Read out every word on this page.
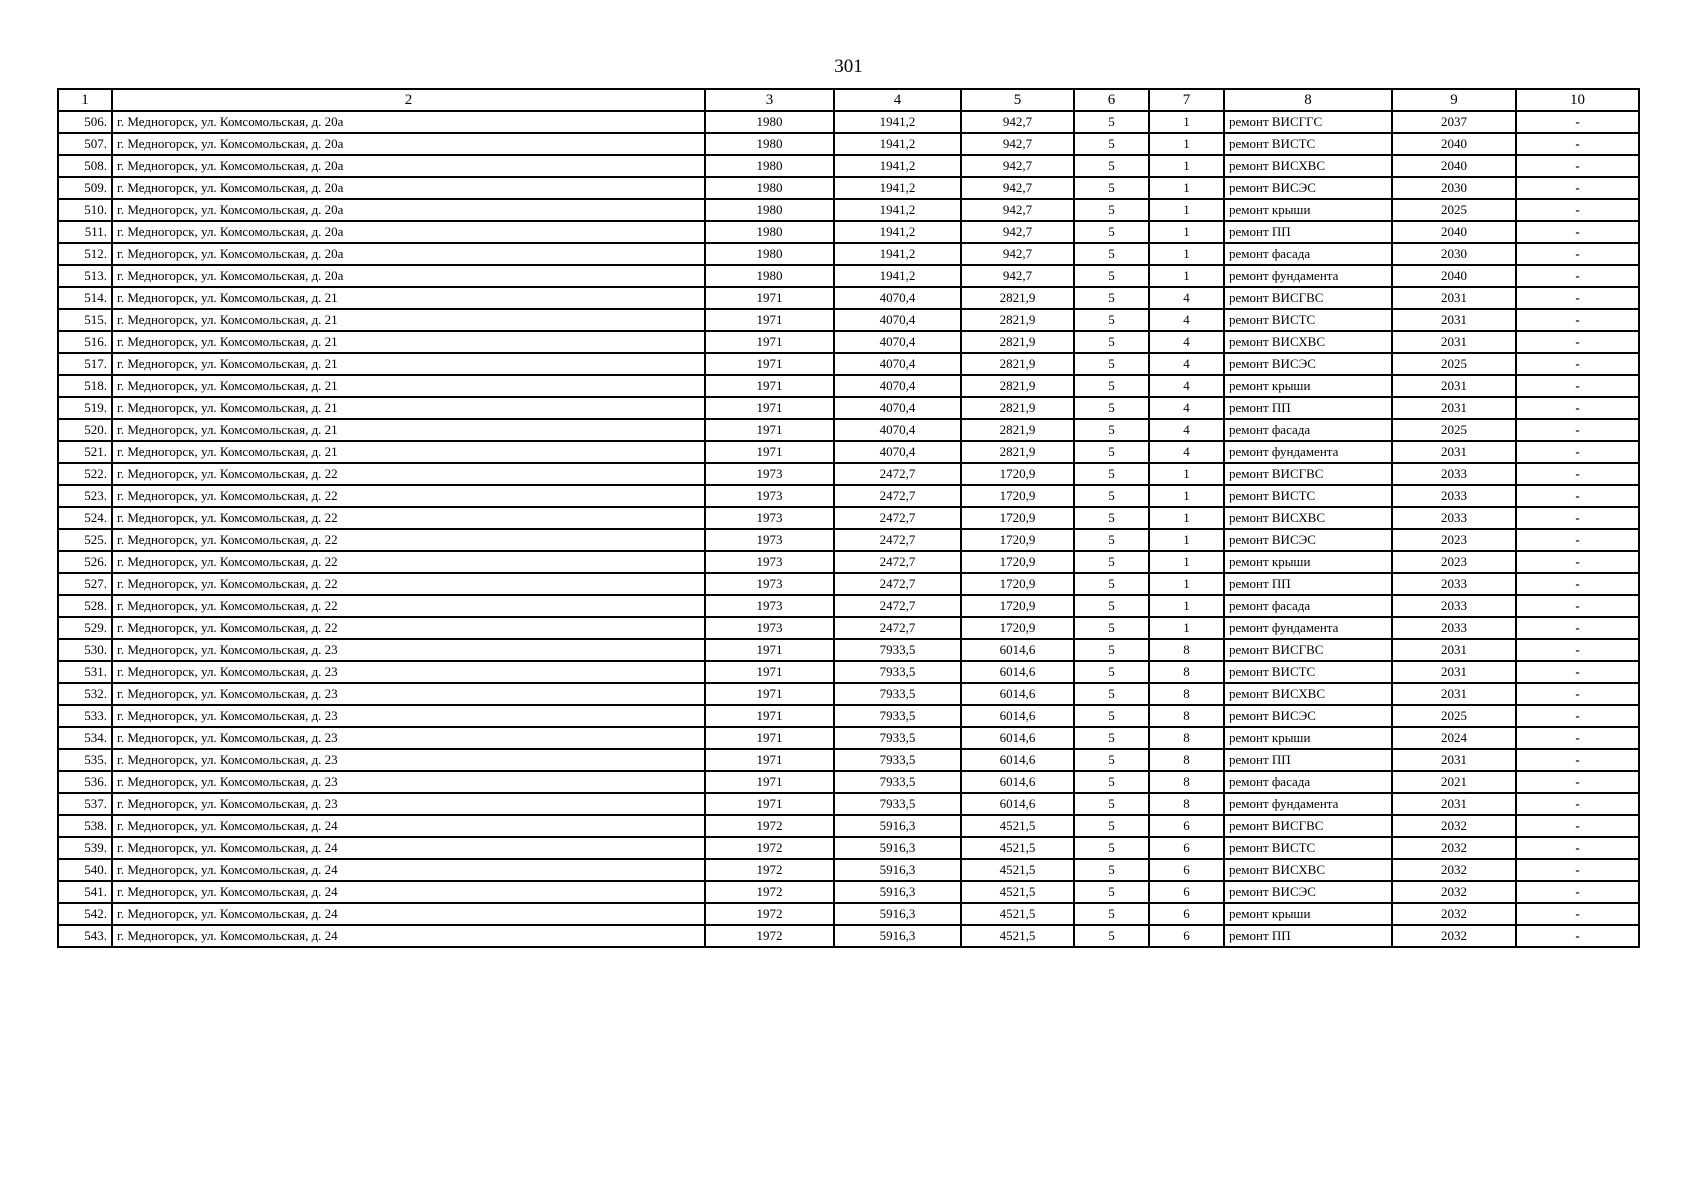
301
1	2	3	4	5	6	7	8	9	10
506.	г. Медногорск, ул. Комсомольская, д. 20а	1980	1941,2	942,7	5	1	ремонт ВИСГГС	2037	-
507.	г. Медногорск, ул. Комсомольская, д. 20а	1980	1941,2	942,7	5	1	ремонт ВИСТС	2040	-
508.	г. Медногорск, ул. Комсомольская, д. 20а	1980	1941,2	942,7	5	1	ремонт ВИСХВС	2040	-
509.	г. Медногорск, ул. Комсомольская, д. 20а	1980	1941,2	942,7	5	1	ремонт ВИСЭС	2030	-
510.	г. Медногорск, ул. Комсомольская, д. 20а	1980	1941,2	942,7	5	1	ремонт крыши	2025	-
511.	г. Медногорск, ул. Комсомольская, д. 20а	1980	1941,2	942,7	5	1	ремонт ПП	2040	-
512.	г. Медногорск, ул. Комсомольская, д. 20а	1980	1941,2	942,7	5	1	ремонт фасада	2030	-
513.	г. Медногорск, ул. Комсомольская, д. 20а	1980	1941,2	942,7	5	1	ремонт фундамента	2040	-
514.	г. Медногорск, ул. Комсомольская, д. 21	1971	4070,4	2821,9	5	4	ремонт ВИСГВС	2031	-
515.	г. Медногорск, ул. Комсомольская, д. 21	1971	4070,4	2821,9	5	4	ремонт ВИСТС	2031	-
516.	г. Медногорск, ул. Комсомольская, д. 21	1971	4070,4	2821,9	5	4	ремонт ВИСХВС	2031	-
517.	г. Медногорск, ул. Комсомольская, д. 21	1971	4070,4	2821,9	5	4	ремонт ВИСЭС	2025	-
518.	г. Медногорск, ул. Комсомольская, д. 21	1971	4070,4	2821,9	5	4	ремонт крыши	2031	-
519.	г. Медногорск, ул. Комсомольская, д. 21	1971	4070,4	2821,9	5	4	ремонт ПП	2031	-
520.	г. Медногорск, ул. Комсомольская, д. 21	1971	4070,4	2821,9	5	4	ремонт фасада	2025	-
521.	г. Медногорск, ул. Комсомольская, д. 21	1971	4070,4	2821,9	5	4	ремонт фундамента	2031	-
522.	г. Медногорск, ул. Комсомольская, д. 22	1973	2472,7	1720,9	5	1	ремонт ВИСГВС	2033	-
523.	г. Медногорск, ул. Комсомольская, д. 22	1973	2472,7	1720,9	5	1	ремонт ВИСТС	2033	-
524.	г. Медногорск, ул. Комсомольская, д. 22	1973	2472,7	1720,9	5	1	ремонт ВИСХВС	2033	-
525.	г. Медногорск, ул. Комсомольская, д. 22	1973	2472,7	1720,9	5	1	ремонт ВИСЭС	2023	-
526.	г. Медногорск, ул. Комсомольская, д. 22	1973	2472,7	1720,9	5	1	ремонт крыши	2023	-
527.	г. Медногорск, ул. Комсомольская, д. 22	1973	2472,7	1720,9	5	1	ремонт ПП	2033	-
528.	г. Медногорск, ул. Комсомольская, д. 22	1973	2472,7	1720,9	5	1	ремонт фасада	2033	-
529.	г. Медногорск, ул. Комсомольская, д. 22	1973	2472,7	1720,9	5	1	ремонт фундамента	2033	-
530.	г. Медногорск, ул. Комсомольская, д. 23	1971	7933,5	6014,6	5	8	ремонт ВИСГВС	2031	-
531.	г. Медногорск, ул. Комсомольская, д. 23	1971	7933,5	6014,6	5	8	ремонт ВИСТС	2031	-
532.	г. Медногорск, ул. Комсомольская, д. 23	1971	7933,5	6014,6	5	8	ремонт ВИСХВС	2031	-
533.	г. Медногорск, ул. Комсомольская, д. 23	1971	7933,5	6014,6	5	8	ремонт ВИСЭС	2025	-
534.	г. Медногорск, ул. Комсомольская, д. 23	1971	7933,5	6014,6	5	8	ремонт крыши	2024	-
535.	г. Медногорск, ул. Комсомольская, д. 23	1971	7933,5	6014,6	5	8	ремонт ПП	2031	-
536.	г. Медногорск, ул. Комсомольская, д. 23	1971	7933,5	6014,6	5	8	ремонт фасада	2021	-
537.	г. Медногорск, ул. Комсомольская, д. 23	1971	7933,5	6014,6	5	8	ремонт фундамента	2031	-
538.	г. Медногорск, ул. Комсомольская, д. 24	1972	5916,3	4521,5	5	6	ремонт ВИСГВС	2032	-
539.	г. Медногорск, ул. Комсомольская, д. 24	1972	5916,3	4521,5	5	6	ремонт ВИСТС	2032	-
540.	г. Медногорск, ул. Комсомольская, д. 24	1972	5916,3	4521,5	5	6	ремонт ВИСХВС	2032	-
541.	г. Медногорск, ул. Комсомольская, д. 24	1972	5916,3	4521,5	5	6	ремонт ВИСЭС	2032	-
542.	г. Медногорск, ул. Комсомольская, д. 24	1972	5916,3	4521,5	5	6	ремонт крыши	2032	-
543.	г. Медногорск, ул. Комсомольская, д. 24	1972	5916,3	4521,5	5	6	ремонт ПП	2032	-
